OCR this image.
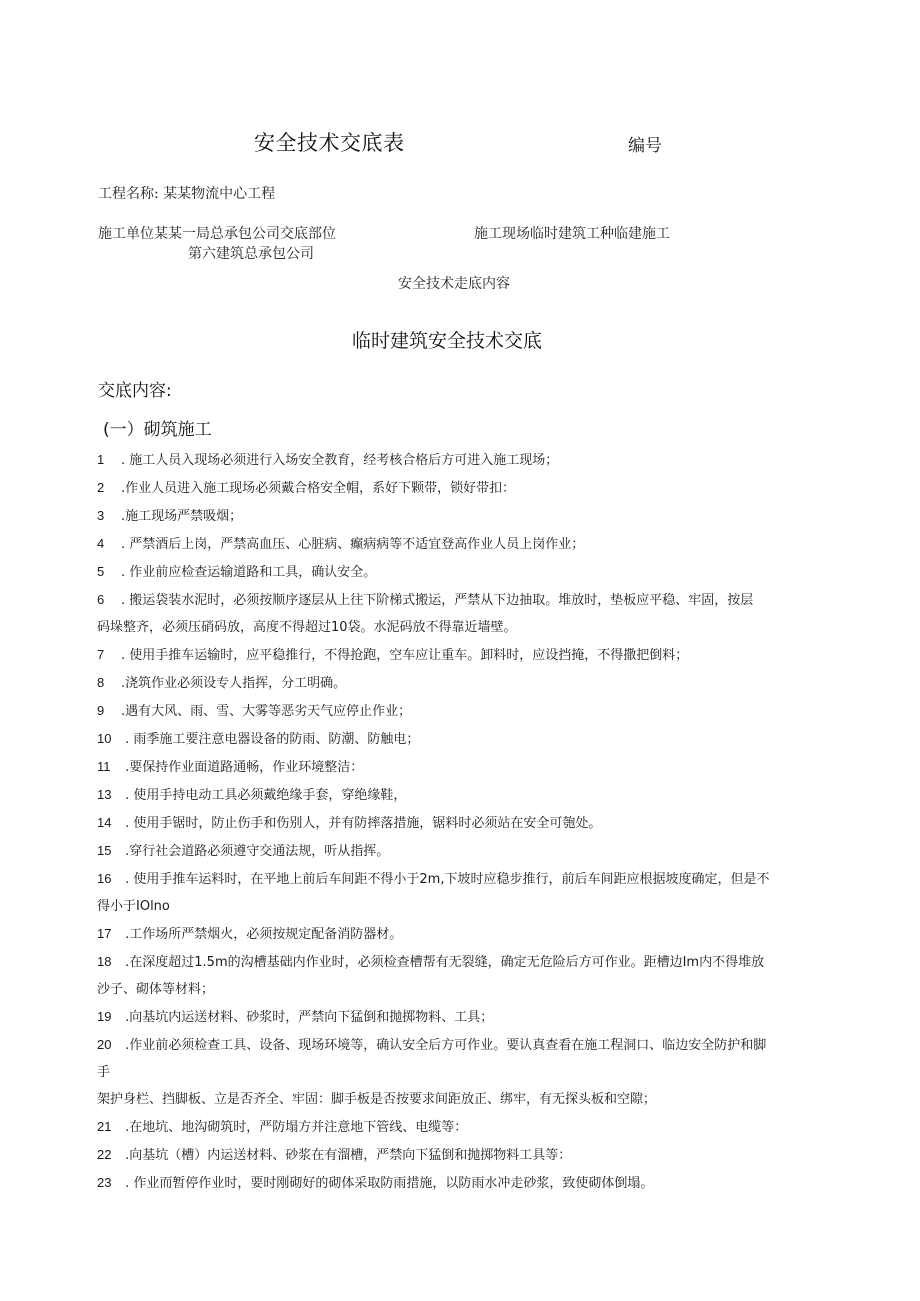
安全技术交底表	编号
工程名称: 某某物流中心工程
施工单位某某一局总承包公司交底部位
第六建筑总承包公司
施工现场临时建筑工种临建施工
安全技术走底内容
临时建筑安全技术交底
交底内容:
(一）砌筑施工
1 . 施工人员入现场必须进行入场安全教育，经考核合格后方可进入施工现场；
2 .作业人员进入施工现场必须戴合格安全帽，系好下颗带，锁好带扣：
3 .施工现场严禁吸烟；
4 . 严禁酒后上岗，严禁高血压、心脏病、癫病病等不适宜登高作业人员上岗作业；
5 . 作业前应检查运输道路和工具，确认安全。
6 . 搬运袋装水泥时，必须按顺序逐层从上往下阶梯式搬运，严禁从下边抽取。堆放时，垫板应平稳、牢固，按层
码垛整齐，必须压硝码放，高度不得超过10袋。水泥码放不得靠近墙壁。
7 . 使用手推车运输时，应平稳推行，不得抢跑，空车应让重车。卸料时，应设挡掩，不得撒把倒料；
8 .浇筑作业必须设专人指挥，分工明确。
9 .遇有大风、雨、雪、大雾等恶劣天气应停止作业；
10 . 雨季施工要注意电器设备的防雨、防潮、防触电；
11 .要保持作业面道路通畅，作业环境整洁：
13 . 使用手持电动工具必须戴绝缘手套，穿绝缘鞋，
14 . 使用手锯时，防止伤手和伤别人，并有防摔落措施，锯料时必须站在安全可匏处。
15 .穿行社会道路必须遵守交通法规，听从指挥。
16 . 使用手推车运料时，在平地上前后车间距不得小于2m,下坡时应稳步推行，前后车间距应根据坡度确定，但是不
得小于IOlno
17 .工作场所严禁烟火，必须按规定配备消防器材。
18 .在深度超过1.5m的沟槽基础内作业时，必须检查槽帮有无裂缝，确定无危险后方可作业。距槽边Im内不得堆放
沙子、砌体等材料；
19 .向基坑内运送材料、砂浆时，严禁向下猛倒和抛掷物料、工具；
20 .作业前必须检查工具、设备、现场环境等，确认安全后方可作业。要认真查看在施工程洞口、临边安全防护和脚
手
架护身栏、挡脚板、立是否齐全、牢固：脚手板是否按要求间距放正、绑牢，有无探头板和空隙；
21 .在地坑、地沟砌筑时，严防塌方并注意地下管线、电缆等：
22 .向基坑（槽）内运送材料、砂浆在有溜槽，严禁向下猛倒和抛掷物料工具等：
23 . 作业而暂停作业时，要时刚砌好的砌体采取防雨措施，以防雨水冲走砂浆，致使砌体倒塌。
